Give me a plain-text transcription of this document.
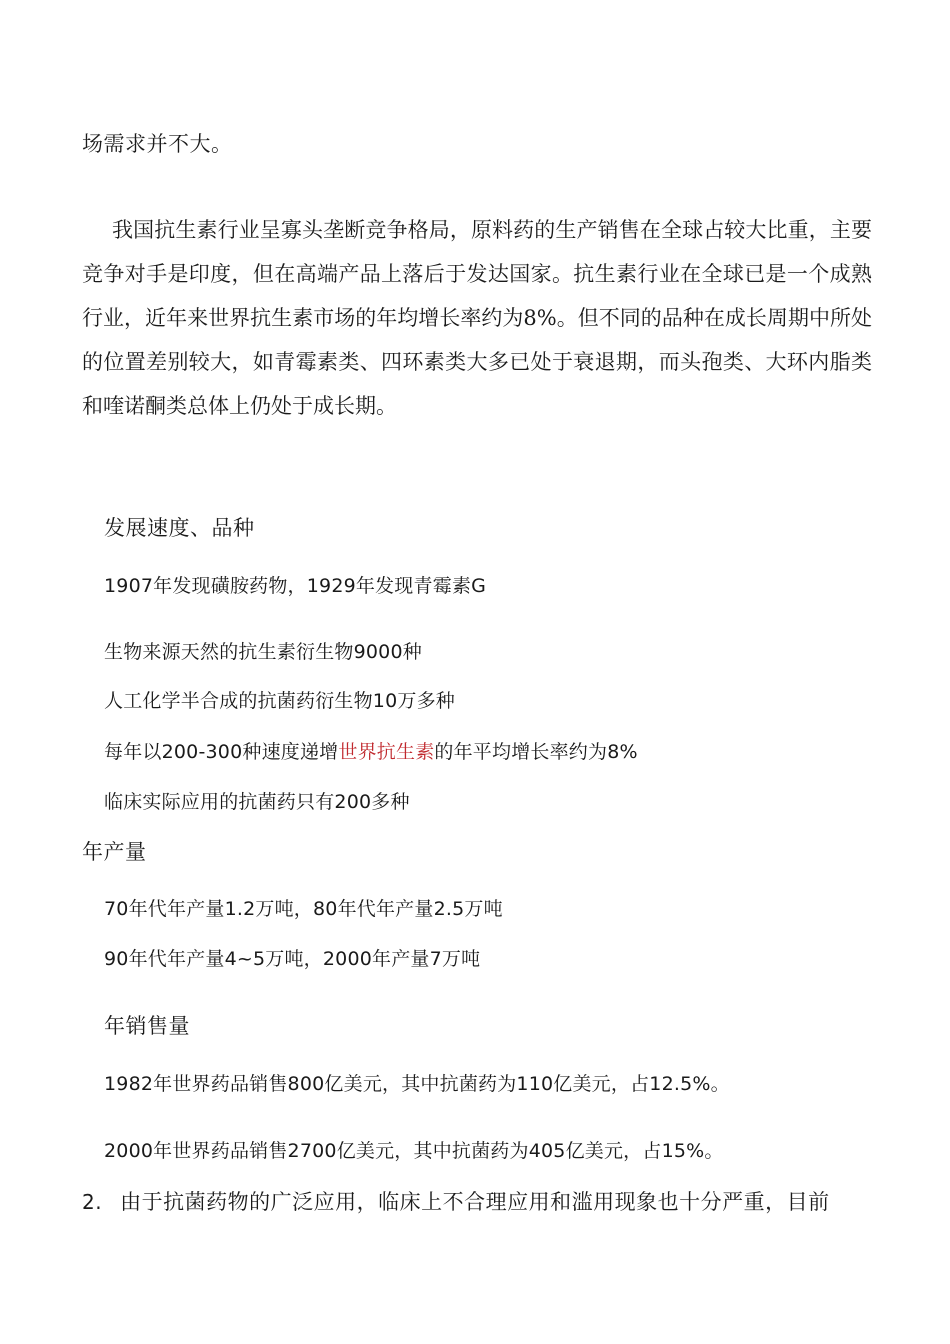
场需求并不大。

我国抗生素行业呈寡头垄断竞争格局，原料药的生产销售在全球占较大比重，主要竞争对手是印度，但在高端产品上落后于发达国家。抗生素行业在全球已是一个成熟行业，近年来世界抗生素市场的年均增长率约为8%。但不同的品种在成长周期中所处的位置差别较大，如青霉素类、四环素类大多已处于衰退期，而头孢类、大环内脂类和喹诺酮类总体上仍处于成长期。

发展速度、品种

1907年发现磺胺药物，1929年发现青霉素G

生物来源天然的抗生素衍生物9000种

人工化学半合成的抗菌药衍生物10万多种

每年以200-300种速度递增世界抗生素的年平均增长率约为8%

临床实际应用的抗菌药只有200多种

年产量

70年代年产量1.2万吨，80年代年产量2.5万吨

90年代年产量4~5万吨，2000年产量7万吨

年销售量

1982年世界药品销售800亿美元，其中抗菌药为110亿美元，占12.5%。

2000年世界药品销售2700亿美元，其中抗菌药为405亿美元，占15%。

2. 由于抗菌药物的广泛应用，临床上不合理应用和滥用现象也十分严重，目前
